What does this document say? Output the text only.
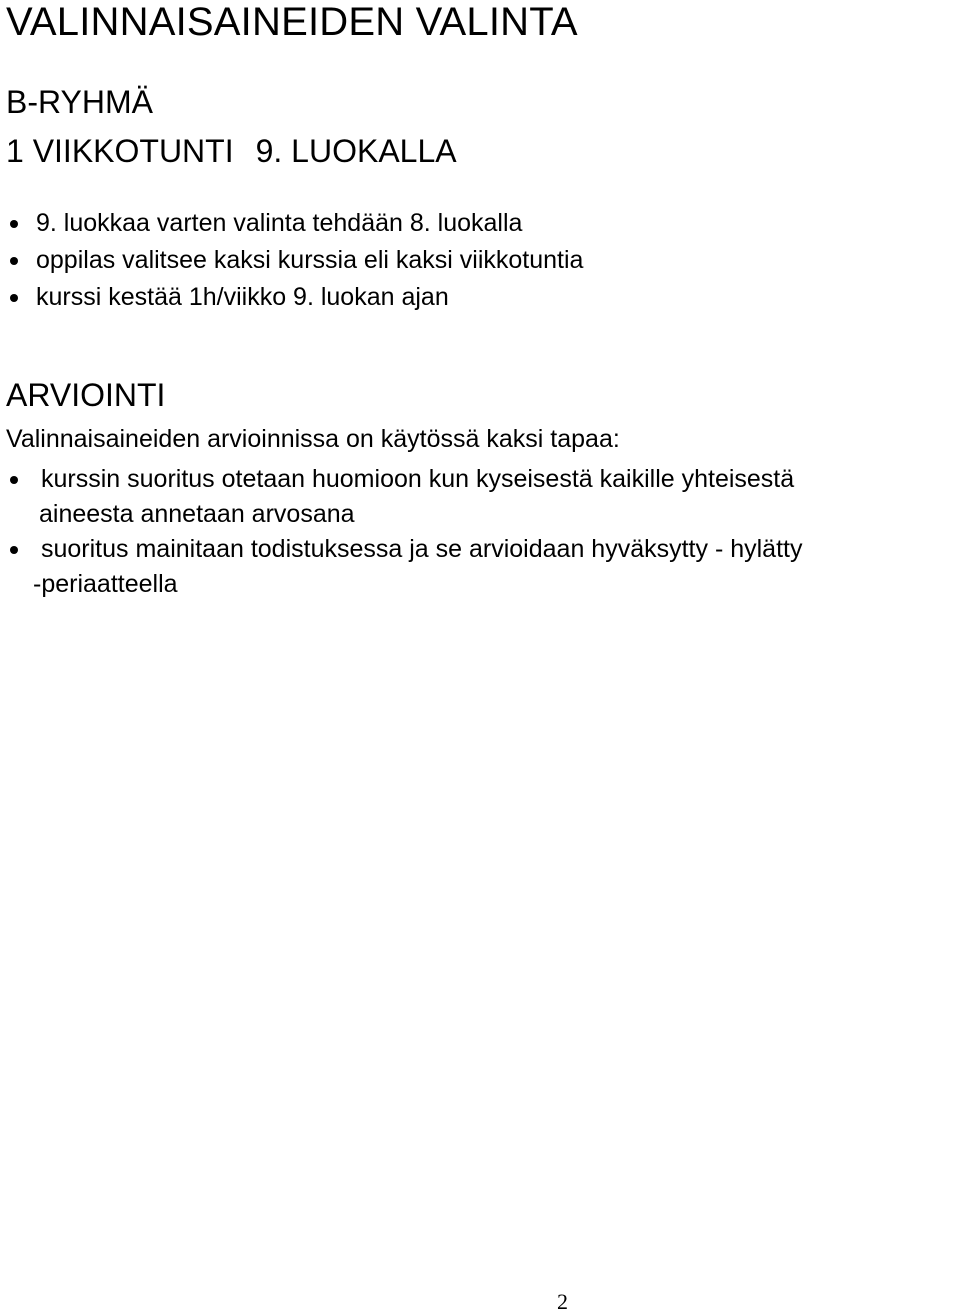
VALINNAISAINEIDEN VALINTA
B-RYHMÄ
1 VIIKKOTUNTI 9. LUOKALLA
9. luokkaa varten valinta tehdään 8. luokalla
oppilas valitsee kaksi kurssia eli kaksi viikkotuntia
kurssi kestää 1h/viikko 9. luokan ajan
ARVIOINTI
Valinnaisaineiden arvioinnissa on käytössä kaksi tapaa:
kurssin suoritus otetaan huomioon kun kyseisestä kaikille yhteisestä
aineesta annetaan arvosana
suoritus mainitaan todistuksessa ja se arvioidaan hyväksytty - hylätty
-periaatteella
2
